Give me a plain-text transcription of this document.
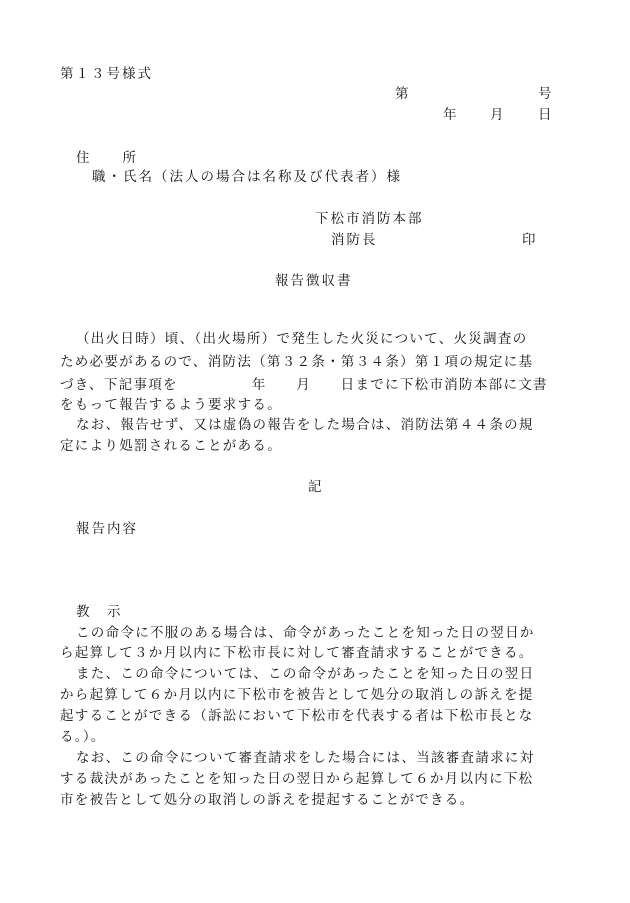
第１３号様式
第	号
年 月 日
住　　所
職・氏名（法人の場合は名称及び代表者）様
下松市消防本部
消防長	印
報告徴収書
（出火日時）頃、（出火場所）で発生した火災について、火災調査の
ため必要があるので、消防法（第３２条・第３４条）第１項の規定に基
づき、下記事項を　　　　　年　　月　　日までに下松市消防本部に文書
をもって報告するよう要求する。
なお、報告せず、又は虚偽の報告をした場合は、消防法第４４条の規
定により処罰されることがある。
記
報告内容
教　示
この命令に不服のある場合は、命令があったことを知った日の翌日か
ら起算して３か月以内に下松市長に対して審査請求することができる。
また、この命令については、この命令があったことを知った日の翌日
から起算して６か月以内に下松市を被告として処分の取消しの訴えを提
起することができる（訴訟において下松市を代表する者は下松市長とな
る。）。
なお、この命令について審査請求をした場合には、当該審査請求に対
する裁決があったことを知った日の翌日から起算して６か月以内に下松
市を被告として処分の取消しの訴えを提起することができる。
